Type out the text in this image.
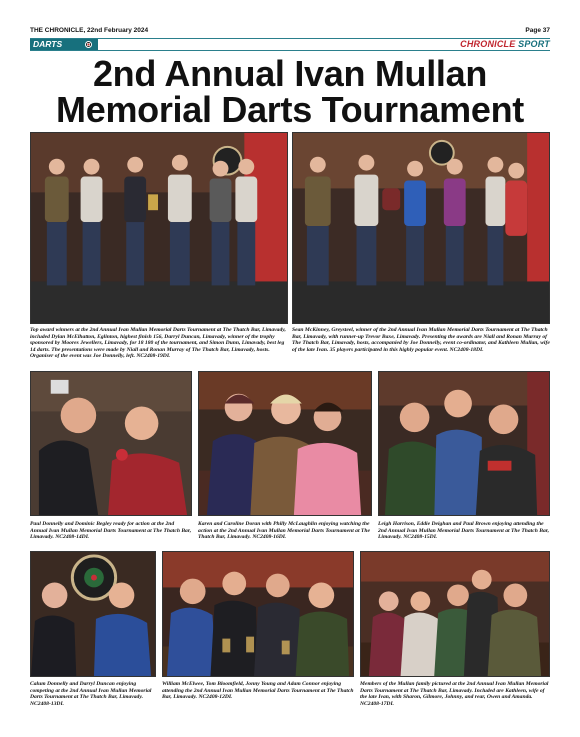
THE CHRONICLE, 22nd February 2024	Page 37
DARTS	CHRONICLE SPORT
2nd Annual Ivan Mullan
Memorial Darts Tournament
Top award winners at the 2nd Annual Ivan Mullan Memorial Darts Tournament at The Thatch Bar, Limavady, included Dylan McElhatton, Eglinton, highest finish 156, Darryl Duncan, Limavady, winner of the trophy sponsored by Moores Jewellers, Limavady, for 18 180 of the tournament, and Simon Dunn, Limavady, best leg 14 darts. The presentations were made by Niall and Ronan Murray of The Thatch Bar, Limavady, hosts. Organiser of the event was Joe Donnelly, left. NC2408-19DL
Sean McKinney, Greysteel, winner of the 2nd Annual Ivan Mullan Memorial Darts Tournament at The Thatch Bar, Limavady, with runner-up Trevor Baxe, Limavady. Presenting the awards are Niall and Ronan Murray of The Thatch Bar, Limavady, hosts, accompanied by Joe Donnelly, event co-ordinator, and Kathleen Mullan, wife of the late Ivan. 35 players participated in this highly popular event. NC2408-18DL
Paul Donnelly and Dominic Begley ready for action at the 2nd Annual Ivan Mullan Memorial Darts Tournament at The Thatch Bar, Limavady. NC2408-14DL
Karen and Caroline Doran with Philly McLaughlin enjoying watching the action at the 2nd Annual Ivan Mullan Memorial Darts Tournament at The Thatch Bar, Limavady. NC2408-16DL
Leigh Harrison, Eddie Deighan and Paul Brown enjoying attending the 2nd Annual Ivan Mullan Memorial Darts Tournament at The Thatch Bar, Limavady. NC2408-15DL
Calum Donnelly and Darryl Duncan enjoying competing at the 2nd Annual Ivan Mullan Memorial Darts Tournament at The Thatch Bar, Limavady. NC2408-13DL
William McElwee, Tom Bloomfield, Jonny Young and Adam Connor enjoying attending the 2nd Annual Ivan Mullan Memorial Darts Tournament at The Thatch Bar, Limavady. NC2408-12DL
Members of the Mullan family pictured at the 2nd Annual Ivan Mullan Memorial Darts Tournament at The Thatch Bar, Limavady. Included are Kathleen, wife of the late Ivan, with Sharon, Gilmore, Johnny, and rear, Owen and Amanda. NC2408-17DL
